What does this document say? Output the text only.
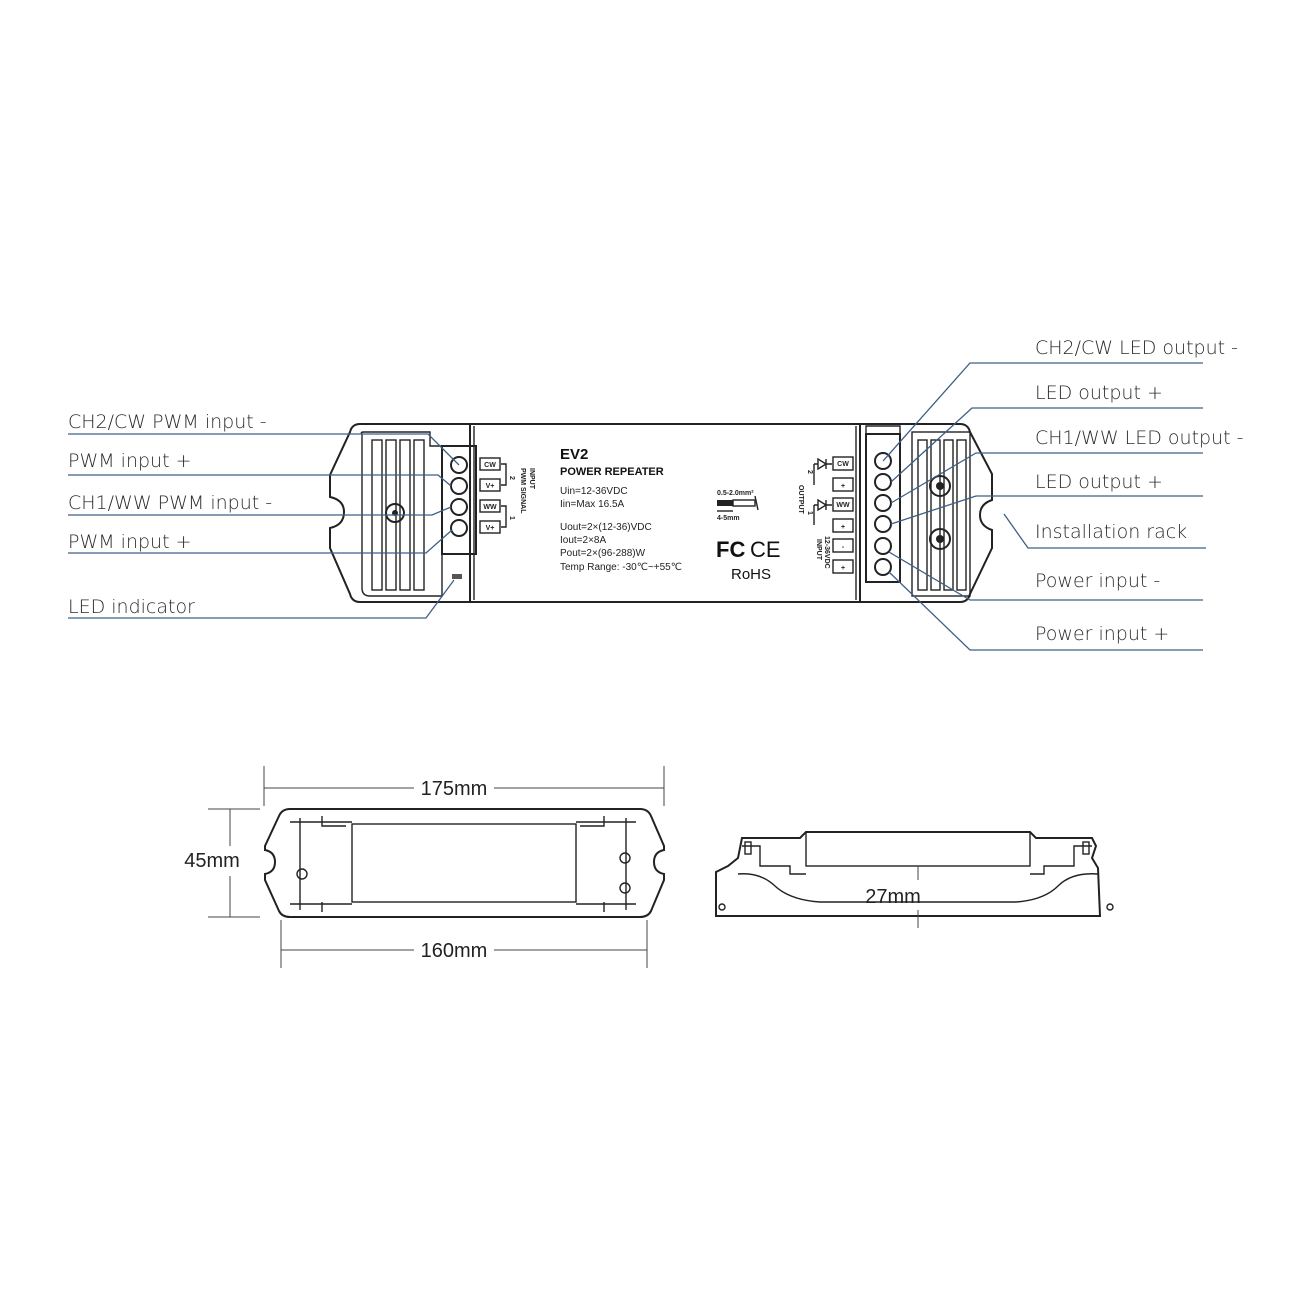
CW
V+
WW
V+
2
1
INPUT
PWM SIGNAL
EV2
POWER REPEATER
Uin=12-36VDC
Iin=Max 16.5A
Uout=2×(12-36)VDC
Iout=2×8A
Pout=2×(96-288)W
Temp Range: -30℃~+55℃
0.5-2.0mm²
4-5mm
FC CE
RoHS
OUTPUT
2
1
CW
+
WW
+
-
+
INPUT 12-36VDC
CH2/CW PWM input -
PWM input +
CH1/WW PWM input -
PWM input +
LED indicator
CH2/CW LED output -
LED output +
CH1/WW LED output -
LED output +
Installation rack
Power input -
Power input +
175mm
45mm
160mm
27mm
